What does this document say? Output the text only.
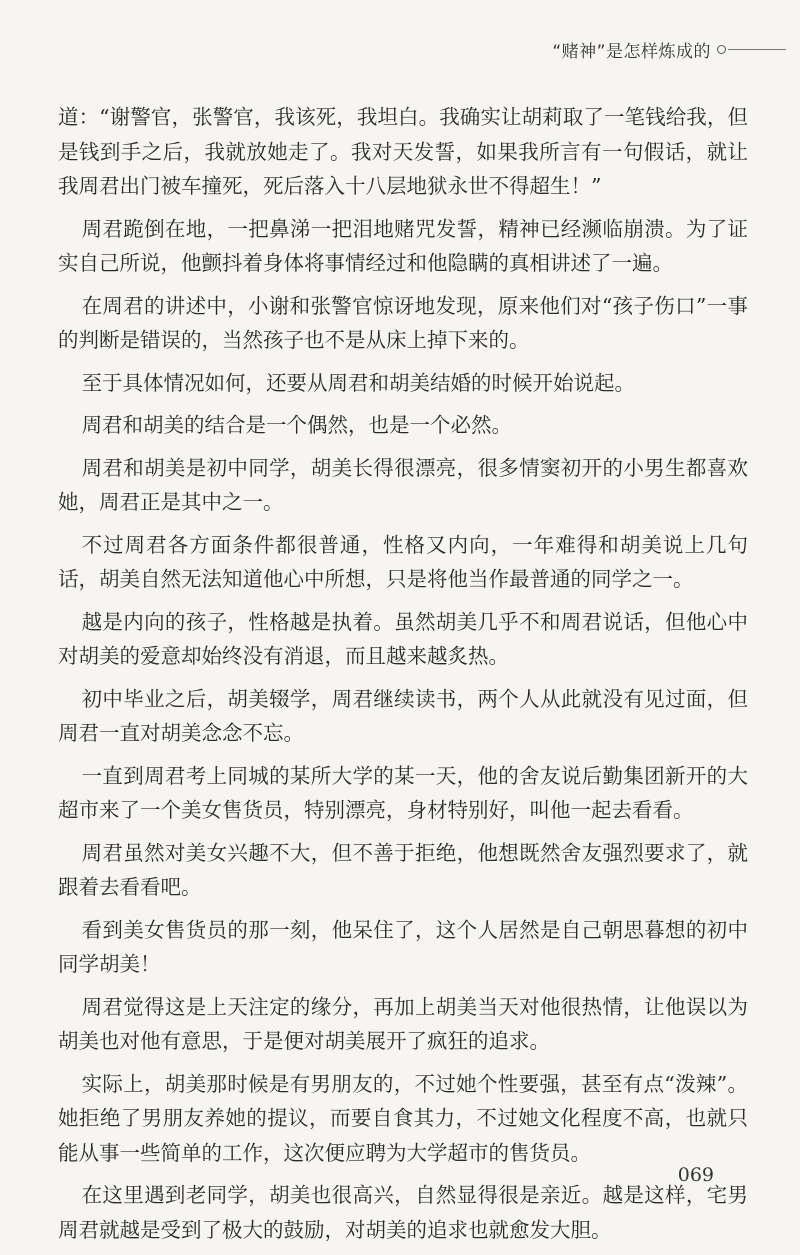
“赌神”是怎样炼成的

道：“谢警官，张警官，我该死，我坦白。我确实让胡莉取了一笔钱给我，但是钱到手之后，我就放她走了。我对天发誓，如果我所言有一句假话，就让我周君出门被车撞死，死后落入十八层地狱永世不得超生！”

周君跪倒在地，一把鼻涕一把泪地赌咒发誓，精神已经濒临崩溃。为了证实自己所说，他颤抖着身体将事情经过和他隐瞒的真相讲述了一遍。

在周君的讲述中，小谢和张警官惊讶地发现，原来他们对“孩子伤口”一事的判断是错误的，当然孩子也不是从床上掉下来的。

至于具体情况如何，还要从周君和胡美结婚的时候开始说起。

周君和胡美的结合是一个偶然，也是一个必然。

周君和胡美是初中同学，胡美长得很漂亮，很多情窦初开的小男生都喜欢她，周君正是其中之一。

不过周君各方面条件都很普通，性格又内向，一年难得和胡美说上几句话，胡美自然无法知道他心中所想，只是将他当作最普通的同学之一。

越是内向的孩子，性格越是执着。虽然胡美几乎不和周君说话，但他心中对胡美的爱意却始终没有消退，而且越来越炙热。

初中毕业之后，胡美辍学，周君继续读书，两个人从此就没有见过面，但周君一直对胡美念念不忘。

一直到周君考上同城的某所大学的某一天，他的舍友说后勤集团新开的大超市来了一个美女售货员，特别漂亮，身材特别好，叫他一起去看看。

周君虽然对美女兴趣不大，但不善于拒绝，他想既然舍友强烈要求了，就跟着去看看吧。

看到美女售货员的那一刻，他呆住了，这个人居然是自己朝思暮想的初中同学胡美！

周君觉得这是上天注定的缘分，再加上胡美当天对他很热情，让他误以为胡美也对他有意思，于是便对胡美展开了疯狂的追求。

实际上，胡美那时候是有男朋友的，不过她个性要强，甚至有点“泼辣”。她拒绝了男朋友养她的提议，而要自食其力，不过她文化程度不高，也就只能从事一些简单的工作，这次便应聘为大学超市的售货员。

在这里遇到老同学，胡美也很高兴，自然显得很是亲近。越是这样，宅男周君就越是受到了极大的鼓励，对胡美的追求也就愈发大胆。

069
